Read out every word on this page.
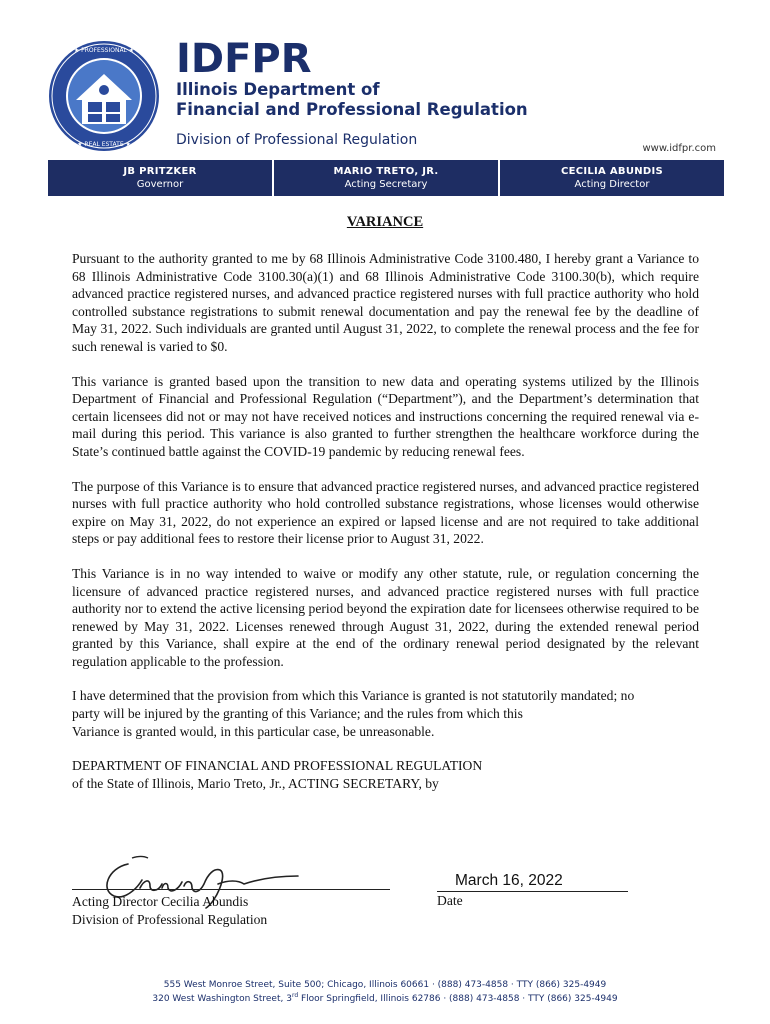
★ PROFESSIONAL ★
★ REAL ESTATE ★
IDFPR
Illinois Department of
Financial and Professional Regulation
Division of Professional Regulation
www.idfpr.com
JB PRITZKER
Governor
MARIO TRETO, JR.
Acting Secretary
CECILIA ABUNDIS
Acting Director
VARIANCE

Pursuant to the authority granted to me by 68 Illinois Administrative Code 3100.480, I hereby grant a Variance to 68 Illinois Administrative Code 3100.30(a)(1) and 68 Illinois Administrative Code 3100.30(b), which require advanced practice registered nurses, and advanced practice registered nurses with full practice authority who hold controlled substance registrations to submit renewal documentation and pay the renewal fee by the deadline of May 31, 2022. Such individuals are granted until August 31, 2022, to complete the renewal process and the fee for such renewal is varied to $0.

This variance is granted based upon the transition to new data and operating systems utilized by the Illinois Department of Financial and Professional Regulation (“Department”), and the Department’s determination that certain licensees did not or may not have received notices and instructions concerning the required renewal via e-mail during this period. This variance is also granted to further strengthen the healthcare workforce during the State’s continued battle against the COVID-19 pandemic by reducing renewal fees.

The purpose of this Variance is to ensure that advanced practice registered nurses, and advanced practice registered nurses with full practice authority who hold controlled substance registrations, whose licenses would otherwise expire on May 31, 2022, do not experience an expired or lapsed license and are not required to take additional steps or pay additional fees to restore their license prior to August 31, 2022.

This Variance is in no way intended to waive or modify any other statute, rule, or regulation concerning the licensure of advanced practice registered nurses, and advanced practice registered nurses with full practice authority nor to extend the active licensing period beyond the expiration date for licensees otherwise required to be renewed by May 31, 2022. Licenses renewed through August 31, 2022, during the extended renewal period granted by this Variance, shall expire at the end of the ordinary renewal period designated by the relevant regulation applicable to the profession.

I have determined that the provision from which this Variance is granted is not statutorily mandated; no
party will be injured by the granting of this Variance; and the rules from which this
Variance is granted would, in this particular case, be unreasonable.

DEPARTMENT OF FINANCIAL AND PROFESSIONAL REGULATION
of the State of Illinois, Mario Treto, Jr., ACTING SECRETARY, by

Acting Director Cecilia Abundis
Division of Professional Regulation
March 16, 2022
Date
555 West Monroe Street, Suite 500; Chicago, Illinois 60661 · (888) 473-4858 · TTY (866) 325-4949
320 West Washington Street, 3rd Floor Springfield, Illinois 62786 · (888) 473-4858 · TTY (866) 325-4949
